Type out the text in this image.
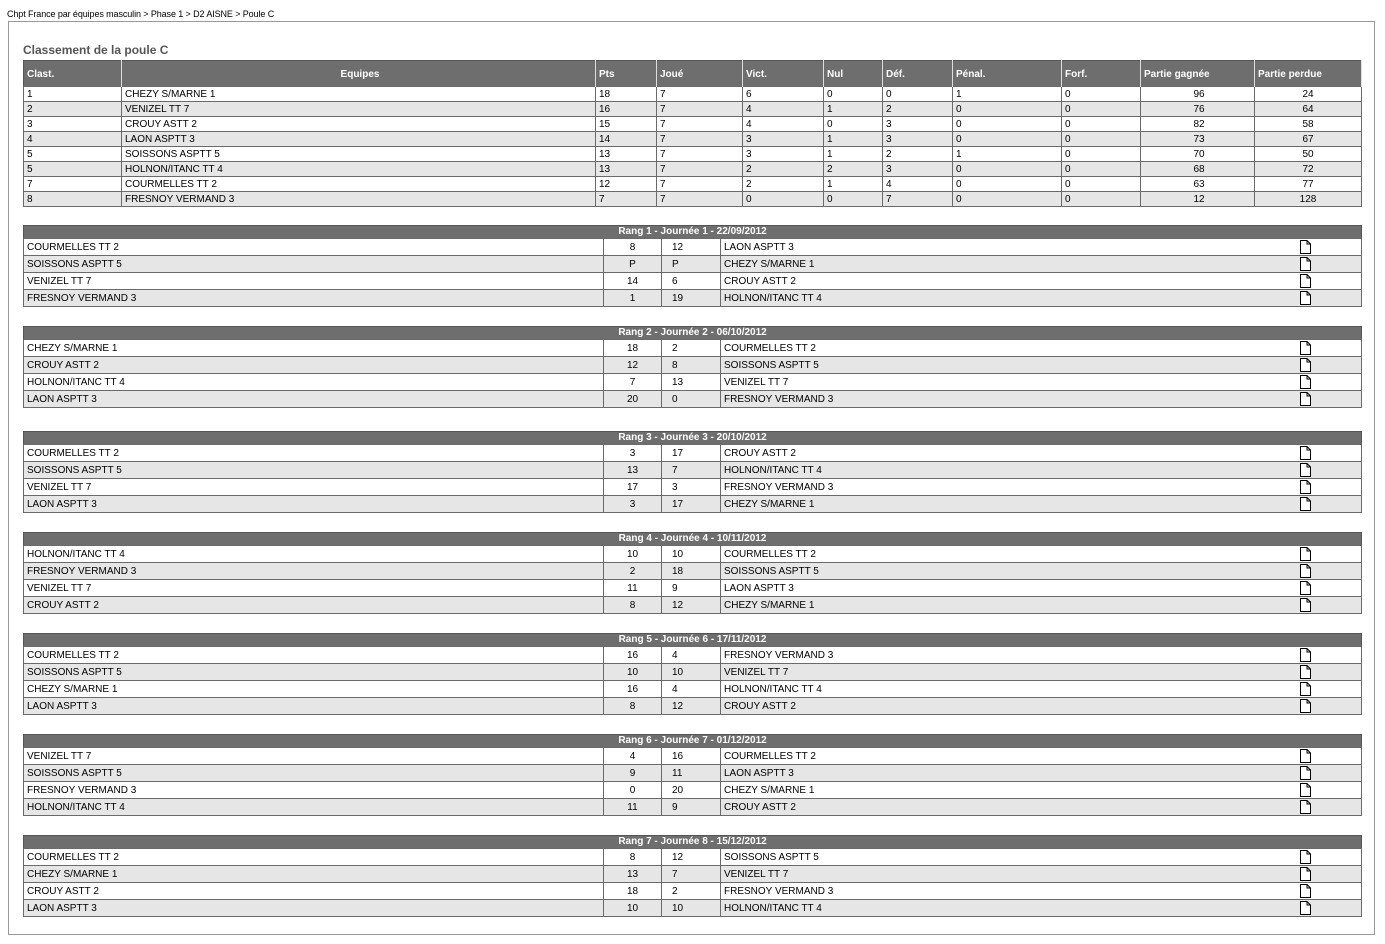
Chpt France par équipes masculin > Phase 1 > D2 AISNE > Poule C
Classement de la poule C
Clast.	Equipes	Pts	Joué	Vict.	Nul	Déf.	Pénal.	Forf.	Partie gagnée	Partie perdue
1	CHEZY S/MARNE 1	18	7	6	0	0	1	0	96	24
2	VENIZEL TT 7	16	7	4	1	2	0	0	76	64
3	CROUY ASTT 2	15	7	4	0	3	0	0	82	58
4	LAON ASPTT 3	14	7	3	1	3	0	0	73	67
5	SOISSONS ASPTT 5	13	7	3	1	2	1	0	70	50
5	HOLNON/ITANC TT 4	13	7	2	2	3	0	0	68	72
7	COURMELLES TT 2	12	7	2	1	4	0	0	63	77
8	FRESNOY VERMAND 3	7	7	0	0	7	0	0	12	128
Rang 1 - Journée 1 - 22/09/2012				
COURMELLES TT 2	8	12	LAON ASPTT 3	
SOISSONS ASPTT 5	P	P	CHEZY S/MARNE 1	
VENIZEL TT 7	14	6	CROUY ASTT 2	
FRESNOY VERMAND 3	1	19	HOLNON/ITANC TT 4	
Rang 2 - Journée 2 - 06/10/2012				
CHEZY S/MARNE 1	18	2	COURMELLES TT 2	
CROUY ASTT 2	12	8	SOISSONS ASPTT 5	
HOLNON/ITANC TT 4	7	13	VENIZEL TT 7	
LAON ASPTT 3	20	0	FRESNOY VERMAND 3	
Rang 3 - Journée 3 - 20/10/2012				
COURMELLES TT 2	3	17	CROUY ASTT 2	
SOISSONS ASPTT 5	13	7	HOLNON/ITANC TT 4	
VENIZEL TT 7	17	3	FRESNOY VERMAND 3	
LAON ASPTT 3	3	17	CHEZY S/MARNE 1	
Rang 4 - Journée 4 - 10/11/2012				
HOLNON/ITANC TT 4	10	10	COURMELLES TT 2	
FRESNOY VERMAND 3	2	18	SOISSONS ASPTT 5	
VENIZEL TT 7	11	9	LAON ASPTT 3	
CROUY ASTT 2	8	12	CHEZY S/MARNE 1	
Rang 5 - Journée 6 - 17/11/2012				
COURMELLES TT 2	16	4	FRESNOY VERMAND 3	
SOISSONS ASPTT 5	10	10	VENIZEL TT 7	
CHEZY S/MARNE 1	16	4	HOLNON/ITANC TT 4	
LAON ASPTT 3	8	12	CROUY ASTT 2	
Rang 6 - Journée 7 - 01/12/2012				
VENIZEL TT 7	4	16	COURMELLES TT 2	
SOISSONS ASPTT 5	9	11	LAON ASPTT 3	
FRESNOY VERMAND 3	0	20	CHEZY S/MARNE 1	
HOLNON/ITANC TT 4	11	9	CROUY ASTT 2	
Rang 7 - Journée 8 - 15/12/2012				
COURMELLES TT 2	8	12	SOISSONS ASPTT 5	
CHEZY S/MARNE 1	13	7	VENIZEL TT 7	
CROUY ASTT 2	18	2	FRESNOY VERMAND 3	
LAON ASPTT 3	10	10	HOLNON/ITANC TT 4	
